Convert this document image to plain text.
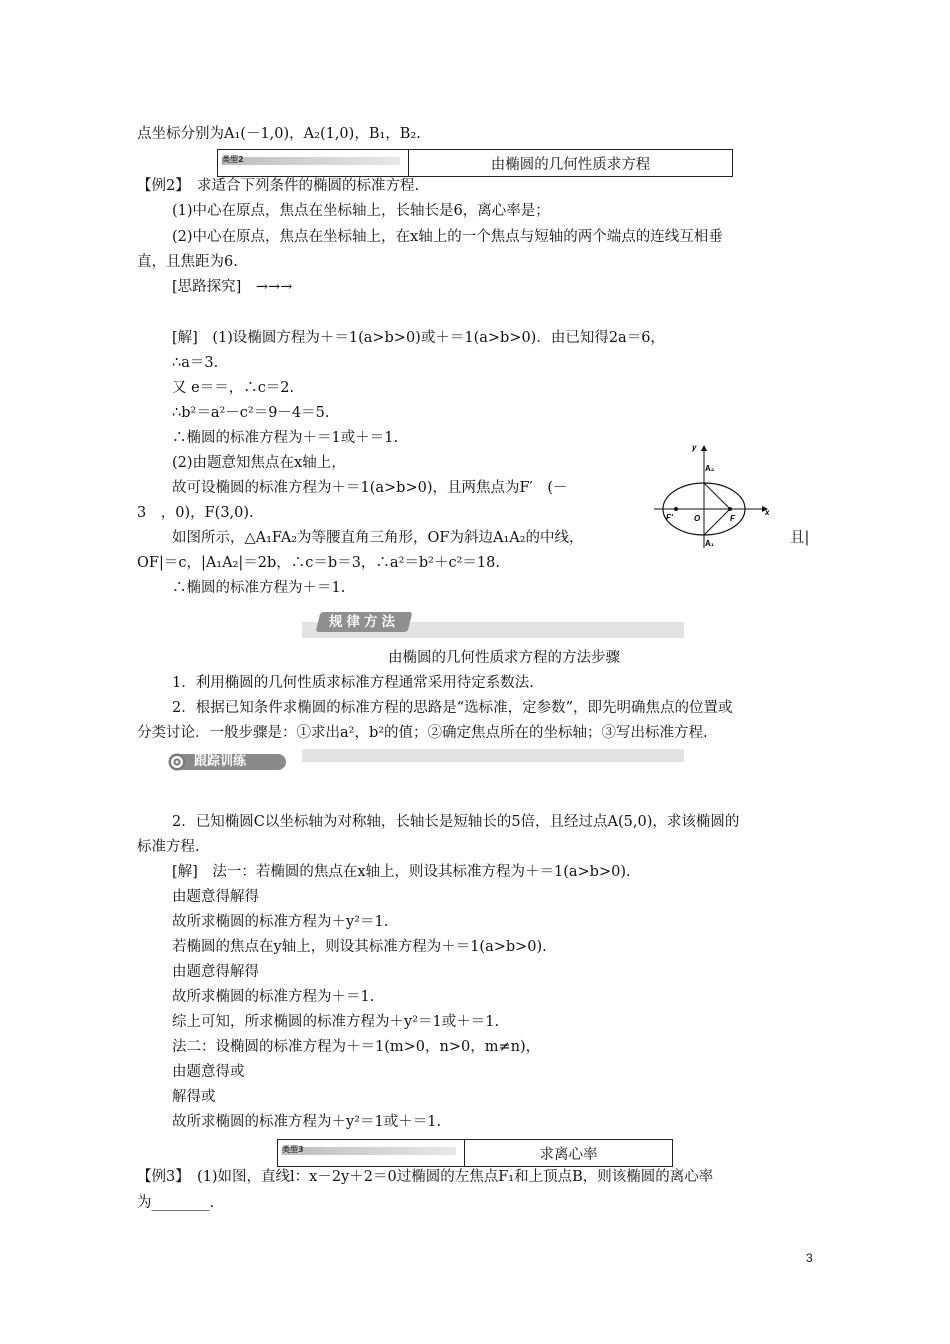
点坐标分别为A₁(－1,0)，A₂(1,0)，B₁，B₂.
类型2	由椭圆的几何性质求方程
【例2】　求适合下列条件的椭圆的标准方程.
(1)中心在原点，焦点在坐标轴上，长轴长是6，离心率是；
(2)中心在原点，焦点在坐标轴上，在x轴上的一个焦点与短轴的两个端点的连线互相垂
直，且焦距为6.
[思路探究]　→→→
[解]　(1)设椭圆方程为＋＝1(a>b>0)或＋＝1(a>b>0)．由已知得2a＝6，
∴a＝3.
又 e＝＝，∴c＝2.
∴b²＝a²－c²＝9－4＝5.
∴椭圆的标准方程为＋＝1或＋＝1.
(2)由题意知焦点在x轴上，
故可设椭圆的标准方程为＋＝1(a>b>0)，且两焦点为F′　(－
3　，0)，F(3,0).
如图所示，△A₁FA₂为等腰直角三角形，OF为斜边A₁A₂的中线，	且|
OF|＝c，|A₁A₂|＝2b，∴c＝b＝3，∴a²＝b²＋c²＝18.
∴椭圆的标准方程为＋＝1.
y
x
A₂
A₁
F′	O	F
规律方法
由椭圆的几何性质求方程的方法步骤
1．利用椭圆的几何性质求标准方程通常采用待定系数法.
2．根据已知条件求椭圆的标准方程的思路是“选标准，定参数”，即先明确焦点的位置或
分类讨论．一般步骤是：①求出a²，b²的值；②确定焦点所在的坐标轴；③写出标准方程.
跟踪训练
2．已知椭圆C以坐标轴为对称轴，长轴长是短轴长的5倍，且经过点A(5,0)，求该椭圆的
标准方程.
[解]　法一：若椭圆的焦点在x轴上，则设其标准方程为＋＝1(a>b>0).
由题意得解得
故所求椭圆的标准方程为＋y²＝1.
若椭圆的焦点在y轴上，则设其标准方程为＋＝1(a>b>0).
由题意得解得
故所求椭圆的标准方程为＋＝1.
综上可知，所求椭圆的标准方程为＋y²＝1或＋＝1.
法二：设椭圆的标准方程为＋＝1(m>0，n>0，m≠n)，
由题意得或
解得或
故所求椭圆的标准方程为＋y²＝1或＋＝1.
类型3	求离心率
【例3】　(1)如图，直线l：x－2y＋2＝0过椭圆的左焦点F₁和上顶点B，则该椭圆的离心率
为________.
3
